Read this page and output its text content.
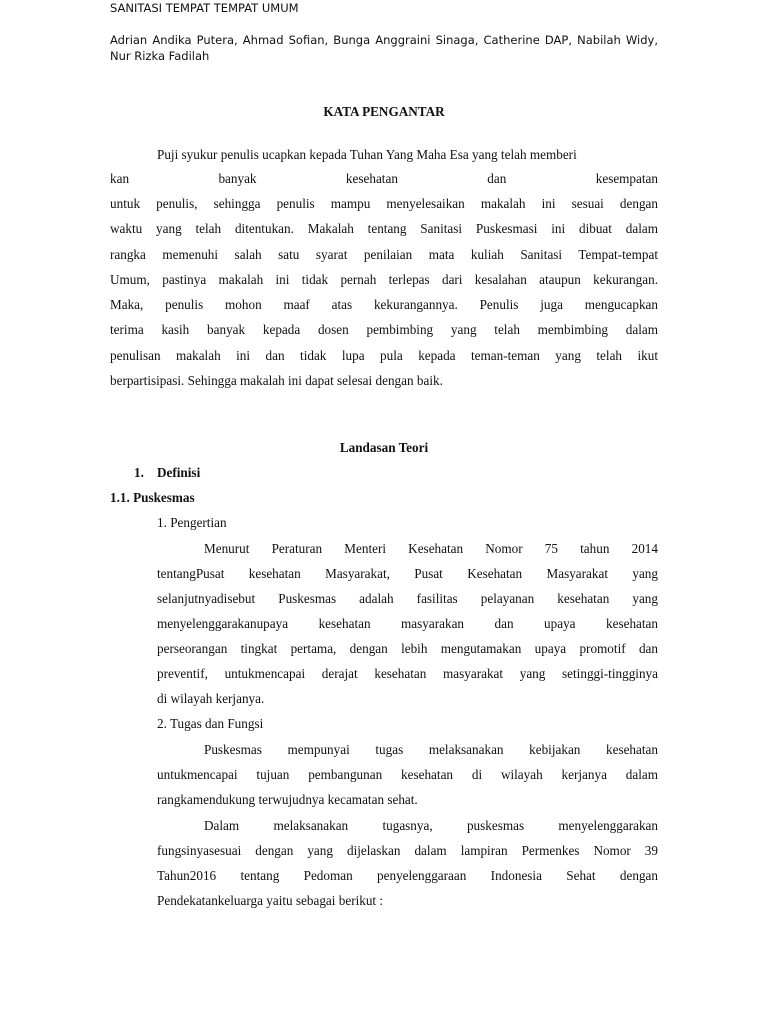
SANITASI TEMPAT TEMPAT UMUM
Adrian Andika Putera, Ahmad Sofian, Bunga Anggraini Sinaga, Catherine DAP, Nabilah Widy, Nur Rizka Fadilah
KATA PENGANTAR
Puji syukur penulis ucapkan kepada Tuhan Yang Maha Esa yang telah memberi
kan banyak kesehatan dan kesempatan
untuk penulis, sehingga penulis mampu menyelesaikan makalah ini sesuai dengan
waktu yang telah ditentukan. Makalah tentang Sanitasi Puskesmasi ini dibuat dalam
rangka memenuhi salah satu syarat penilaian mata kuliah Sanitasi Tempat-tempat
Umum, pastinya makalah ini tidak pernah terlepas dari kesalahan ataupun kekurangan.
Maka, penulis mohon maaf atas kekurangannya. Penulis juga mengucapkan
terima kasih banyak kepada dosen pembimbing yang telah membimbing dalam
penulisan makalah ini dan tidak lupa pula kepada teman-teman yang telah ikut
berpartisipasi. Sehingga makalah ini dapat selesai dengan baik.
Landasan Teori
1. Definisi
1.1. Puskesmas
1. Pengertian
Menurut Peraturan Menteri Kesehatan Nomor 75 tahun 2014
tentangPusat kesehatan Masyarakat, Pusat Kesehatan Masyarakat yang
selanjutnyadisebut Puskesmas adalah fasilitas pelayanan kesehatan yang
menyelenggarakanupaya kesehatan masyarakan dan upaya kesehatan
perseorangan tingkat pertama, dengan lebih mengutamakan upaya promotif dan
preventif, untukmencapai derajat kesehatan masyarakat yang setinggi-tingginya
di wilayah kerjanya.
2. Tugas dan Fungsi
Puskesmas mempunyai tugas melaksanakan kebijakan kesehatan
untukmencapai tujuan pembangunan kesehatan di wilayah kerjanya dalam
rangkamendukung terwujudnya kecamatan sehat.
Dalam melaksanakan tugasnya, puskesmas menyelenggarakan
fungsinyasesuai dengan yang dijelaskan dalam lampiran Permenkes Nomor 39
Tahun2016 tentang Pedoman penyelenggaraan Indonesia Sehat dengan
Pendekatankeluarga yaitu sebagai berikut :
